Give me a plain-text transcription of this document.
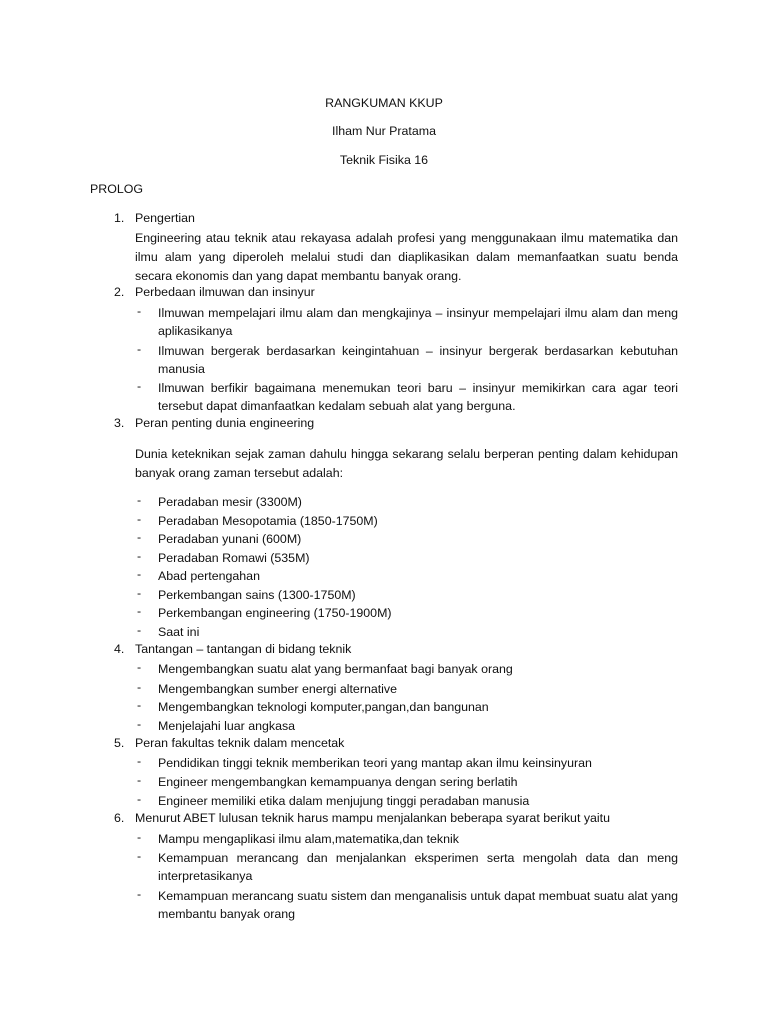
RANGKUMAN KKUP
Ilham Nur Pratama
Teknik Fisika 16
PROLOG
1. Pengertian
Engineering atau teknik atau rekayasa adalah profesi yang menggunakaan ilmu matematika dan ilmu alam yang diperoleh melalui studi dan diaplikasikan dalam memanfaatkan suatu benda secara ekonomis dan yang dapat membantu banyak orang.
2. Perbedaan ilmuwan dan insinyur
- Ilmuwan mempelajari ilmu alam dan mengkajinya – insinyur mempelajari ilmu alam dan meng aplikasikanya
- Ilmuwan bergerak berdasarkan keingintahuan – insinyur bergerak berdasarkan kebutuhan manusia
- Ilmuwan berfikir bagaimana menemukan teori baru – insinyur memikirkan cara agar teori tersebut dapat dimanfaatkan kedalam sebuah alat yang berguna.
3. Peran penting dunia engineering
Dunia keteknikan sejak zaman dahulu hingga sekarang selalu berperan penting dalam kehidupan banyak orang zaman tersebut adalah:
- Peradaban mesir (3300M)
- Peradaban Mesopotamia (1850-1750M)
- Peradaban yunani (600M)
- Peradaban Romawi (535M)
- Abad pertengahan
- Perkembangan sains (1300-1750M)
- Perkembangan engineering (1750-1900M)
- Saat ini
4. Tantangan – tantangan di bidang teknik
- Mengembangkan suatu alat yang bermanfaat bagi banyak orang
- Mengembangkan sumber energi alternative
- Mengembangkan teknologi komputer,pangan,dan bangunan
- Menjelajahi luar angkasa
5. Peran fakultas teknik dalam mencetak
- Pendidikan tinggi teknik memberikan teori yang mantap akan ilmu keinsinyuran
- Engineer mengembangkan kemampuanya dengan sering berlatih
- Engineer memiliki etika dalam menjujung tinggi peradaban manusia
6. Menurut ABET lulusan teknik harus mampu menjalankan beberapa syarat berikut yaitu
- Mampu mengaplikasi ilmu alam,matematika,dan teknik
- Kemampuan merancang dan menjalankan eksperimen serta mengolah data dan meng interpretasikanya
- Kemampuan merancang suatu sistem dan menganalisis untuk dapat membuat suatu alat yang membantu banyak orang
